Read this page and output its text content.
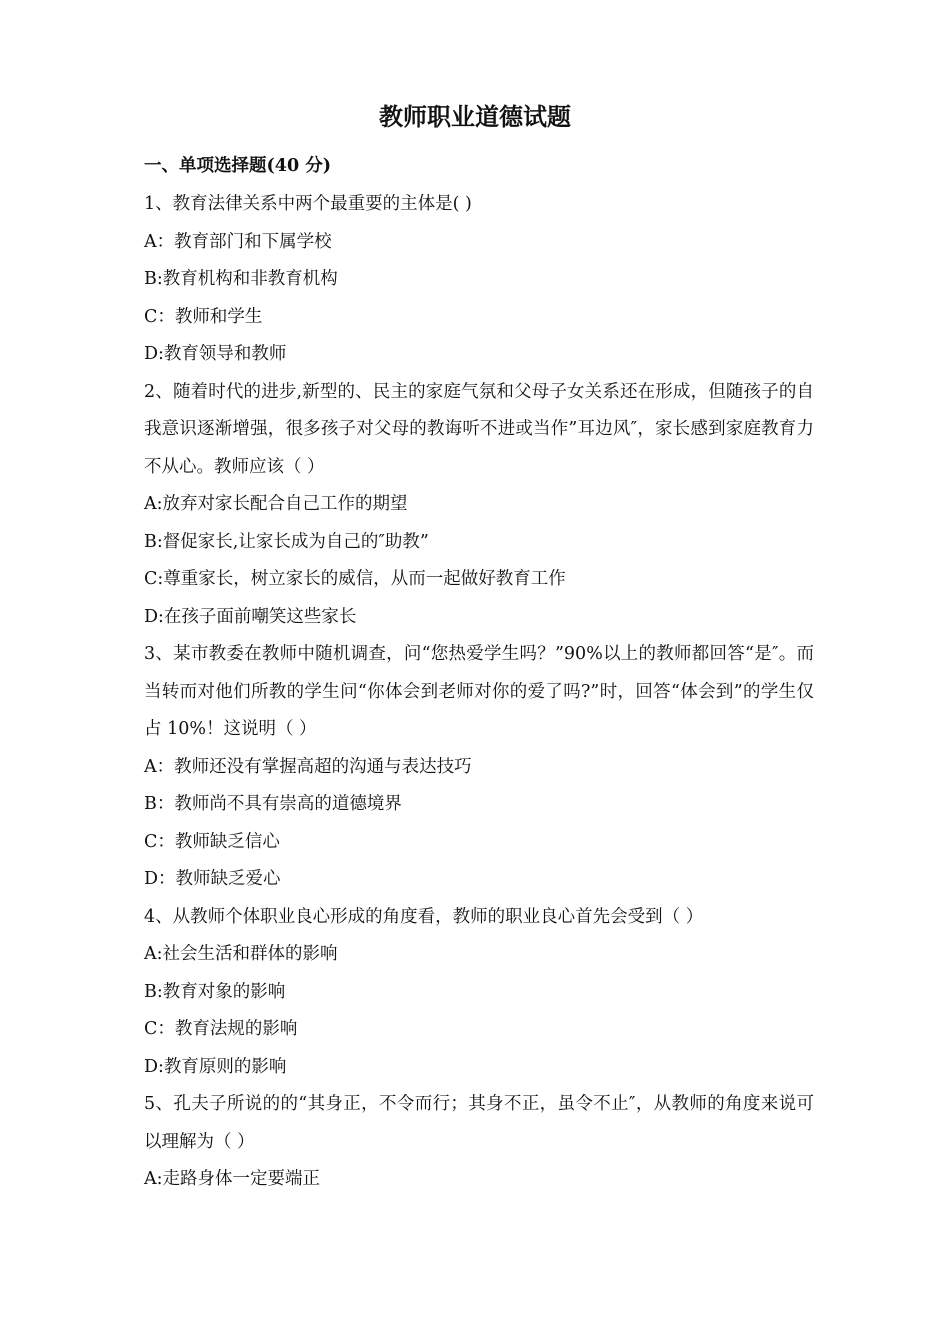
教师职业道德试题
一、单项选择题(40 分)

1、教育法律关系中两个最重要的主体是( )

A：教育部门和下属学校

B:教育机构和非教育机构

C：教师和学生

D:教育领导和教师

2、随着时代的进步,新型的、民主的家庭气氛和父母子女关系还在形成，但随孩子的自我意识逐渐增强，很多孩子对父母的教诲听不进或当作”耳边风″，家长感到家庭教育力不从心。教师应该（ ）

A:放弃对家长配合自己工作的期望

B:督促家长,让家长成为自己的″助教”

C:尊重家长，树立家长的威信，从而一起做好教育工作

D:在孩子面前嘲笑这些家长

3、某市教委在教师中随机调查，问“您热爱学生吗？”90%以上的教师都回答“是″。而当转而对他们所教的学生问“你体会到老师对你的爱了吗?”时，回答“体会到”的学生仅占 10%！这说明（ ）

A：教师还没有掌握高超的沟通与表达技巧

B：教师尚不具有崇高的道德境界

C：教师缺乏信心

D：教师缺乏爱心

4、从教师个体职业良心形成的角度看，教师的职业良心首先会受到（ ）

A:社会生活和群体的影响

B:教育对象的影响

C：教育法规的影响

D:教育原则的影响

5、孔夫子所说的的“其身正，不令而行；其身不正，虽令不止″，从教师的角度来说可以理解为（ ）

A:走路身体一定要端正
